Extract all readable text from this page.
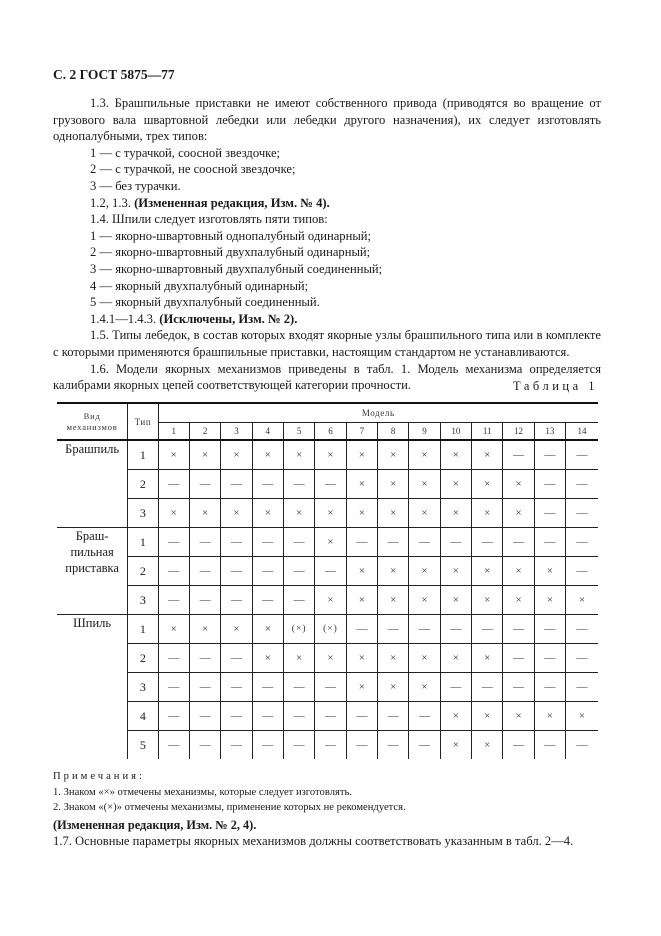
С. 2 ГОСТ 5875—77

1.3. Брашпильные приставки не имеют собственного привода (приводятся во вращение от грузового вала швартовной лебедки или лебедки другого назначения), их следует изготовлять однопалубными, трех типов:

1 — с турачкой, соосной звездочке;

2 — с турачкой, не соосной звездочке;

3 — без турачки.

1.2, 1.3. (Измененная редакция, Изм. № 4).

1.4. Шпили следует изготовлять пяти типов:

1 — якорно-швартовный однопалубный одинарный;

2 — якорно-швартовный двухпалубный одинарный;

3 — якорно-швартовный двухпалубный соединенный;

4 — якорный двухпалубный одинарный;

5 — якорный двухпалубный соединенный.

1.4.1—1.4.3. (Исключены, Изм. № 2).

1.5. Типы лебедок, в состав которых входят якорные узлы брашпильного типа или в комплекте с которыми применяются брашпильные приставки, настоящим стандартом не устанавливаются.

1.6. Модели якорных механизмов приведены в табл. 1. Модель механизма определяется калибрами якорных цепей соответствующей категории прочности.	Таблица 1
Вид механизмов	Тип	Модель													
		1	2	3	4	5	6	7	8	9	10	11	12	13	14
Брашпиль	1	×	×	×	×	×	×	×	×	×	×	×	—	—	—
	2	—	—	—	—	—	—	×	×	×	×	×	×	—	—
	3	×	×	×	×	×	×	×	×	×	×	×	×	—	—

Браш-
пильная
приставка	1	—	—	—	—	—	×	—	—	—	—	—	—	—	—
	2	—	—	—	—	—	—	×	×	×	×	×	×	×	—
	3	—	—	—	—	—	×	×	×	×	×	×	×	×	×
Шпиль	1	×	×	×	×	(×)	(×)	—	—	—	—	—	—	—	—
	2	—	—	—	×	×	×	×	×	×	×	×	—	—	—
	3	—	—	—	—	—	—	×	×	×	—	—	—	—	—
	4	—	—	—	—	—	—	—	—	—	×	×	×	×	×
	5	—	—	—	—	—	—	—	—	—	×	×	—	—	—

Примечания:

1. Знаком «×» отмечены механизмы, которые следует изготовлять.

2. Знаком «(×)» отмечены механизмы, применение которых не рекомендуется.

(Измененная редакция, Изм. № 2, 4).

1.7. Основные параметры якорных механизмов должны соответствовать указанным в табл. 2—4.
